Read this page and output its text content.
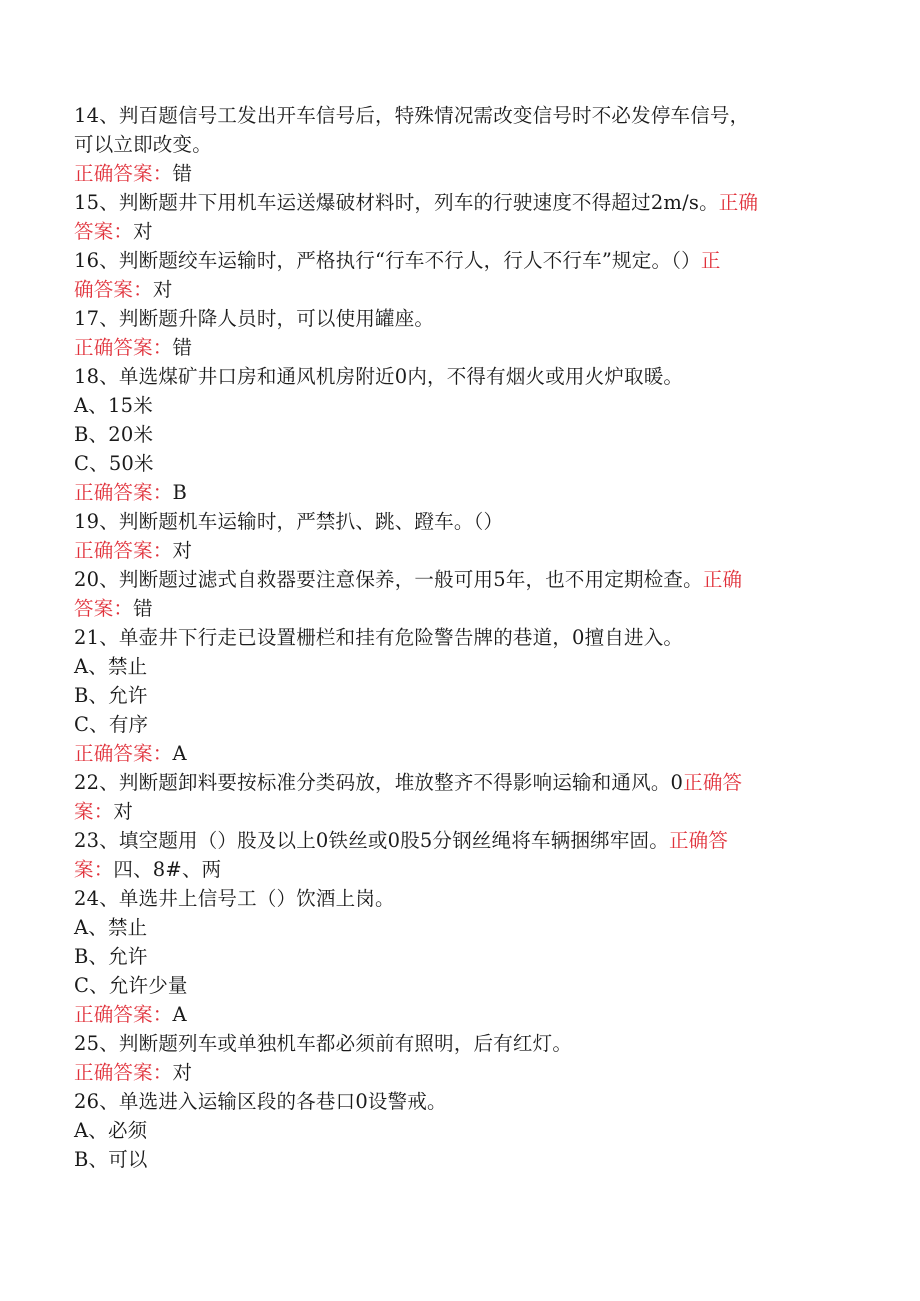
14、判百题信号工发出开车信号后，特殊情况需改变信号时不必发停车信号，
可以立即改变。
正确答案：错
15、判断题井下用机车运送爆破材料时，列车的行驶速度不得超过2m/s。正确
答案：对
16、判断题绞车运输时，严格执行“行车不行人，行人不行车”规定。（）正
确答案：对
17、判断题升降人员时，可以使用罐座。
正确答案：错
18、单选煤矿井口房和通风机房附近0内，不得有烟火或用火炉取暖。
A、15米
B、20米
C、50米
正确答案：B
19、判断题机车运输时，严禁扒、跳、蹬车。（）
正确答案：对
20、判断题过滤式自救器要注意保养，一般可用5年，也不用定期检查。正确
答案：错
21、单壶井下行走已设置栅栏和挂有危险警告牌的巷道，0擅自进入。
A、禁止
B、允许
C、有序
正确答案：A
22、判断题卸料要按标准分类码放，堆放整齐不得影响运输和通风。0正确答
案：对
23、填空题用（）股及以上0铁丝或0股5分钢丝绳将车辆捆绑牢固。正确答
案：四、8#、两
24、单选井上信号工（）饮酒上岗。
A、禁止
B、允许
C、允许少量
正确答案：A
25、判断题列车或单独机车都必须前有照明，后有红灯。
正确答案：对
26、单选进入运输区段的各巷口0设警戒。
A、必须
B、可以
